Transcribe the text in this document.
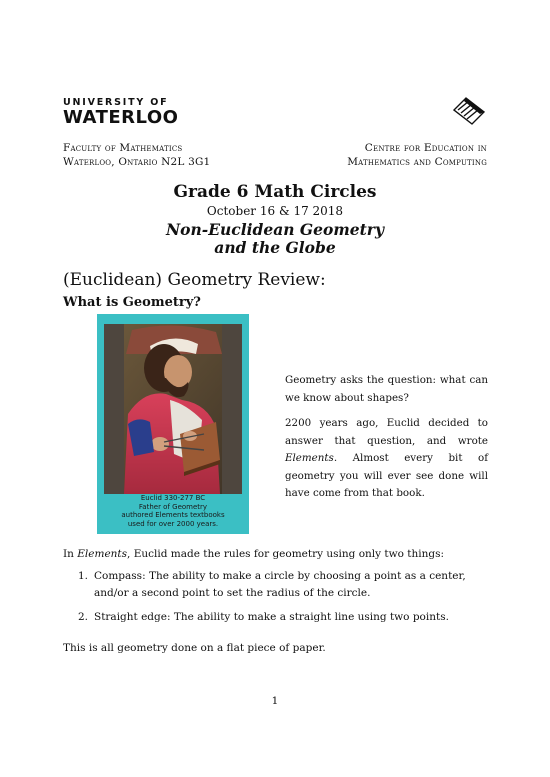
UNIVERSITY OF
WATERLOO
Faculty of Mathematics
Waterloo, Ontario N2L 3G1
Centre for Education in
Mathematics and Computing
Grade 6 Math Circles
October 16 & 17 2018
Non-Euclidean Geometry
and the Globe
(Euclidean) Geometry Review:
What is Geometry?
Euclid 330-277 BC
Father of Geometry
authored Elements textbooks
used for over 2000 years.

Geometry asks the question: what can we know about shapes?

2200 years ago, Euclid decided to answer that question, and wrote Elements. Almost every bit of geometry you will ever see done will have come from that book.

In Elements, Euclid made the rules for geometry using only two things:

1. Compass: The ability to make a circle by choosing a point as a center, and/or a second point to set the radius of the circle.
2. Straight edge: The ability to make a straight line using two points.

This is all geometry done on a flat piece of paper.

1
